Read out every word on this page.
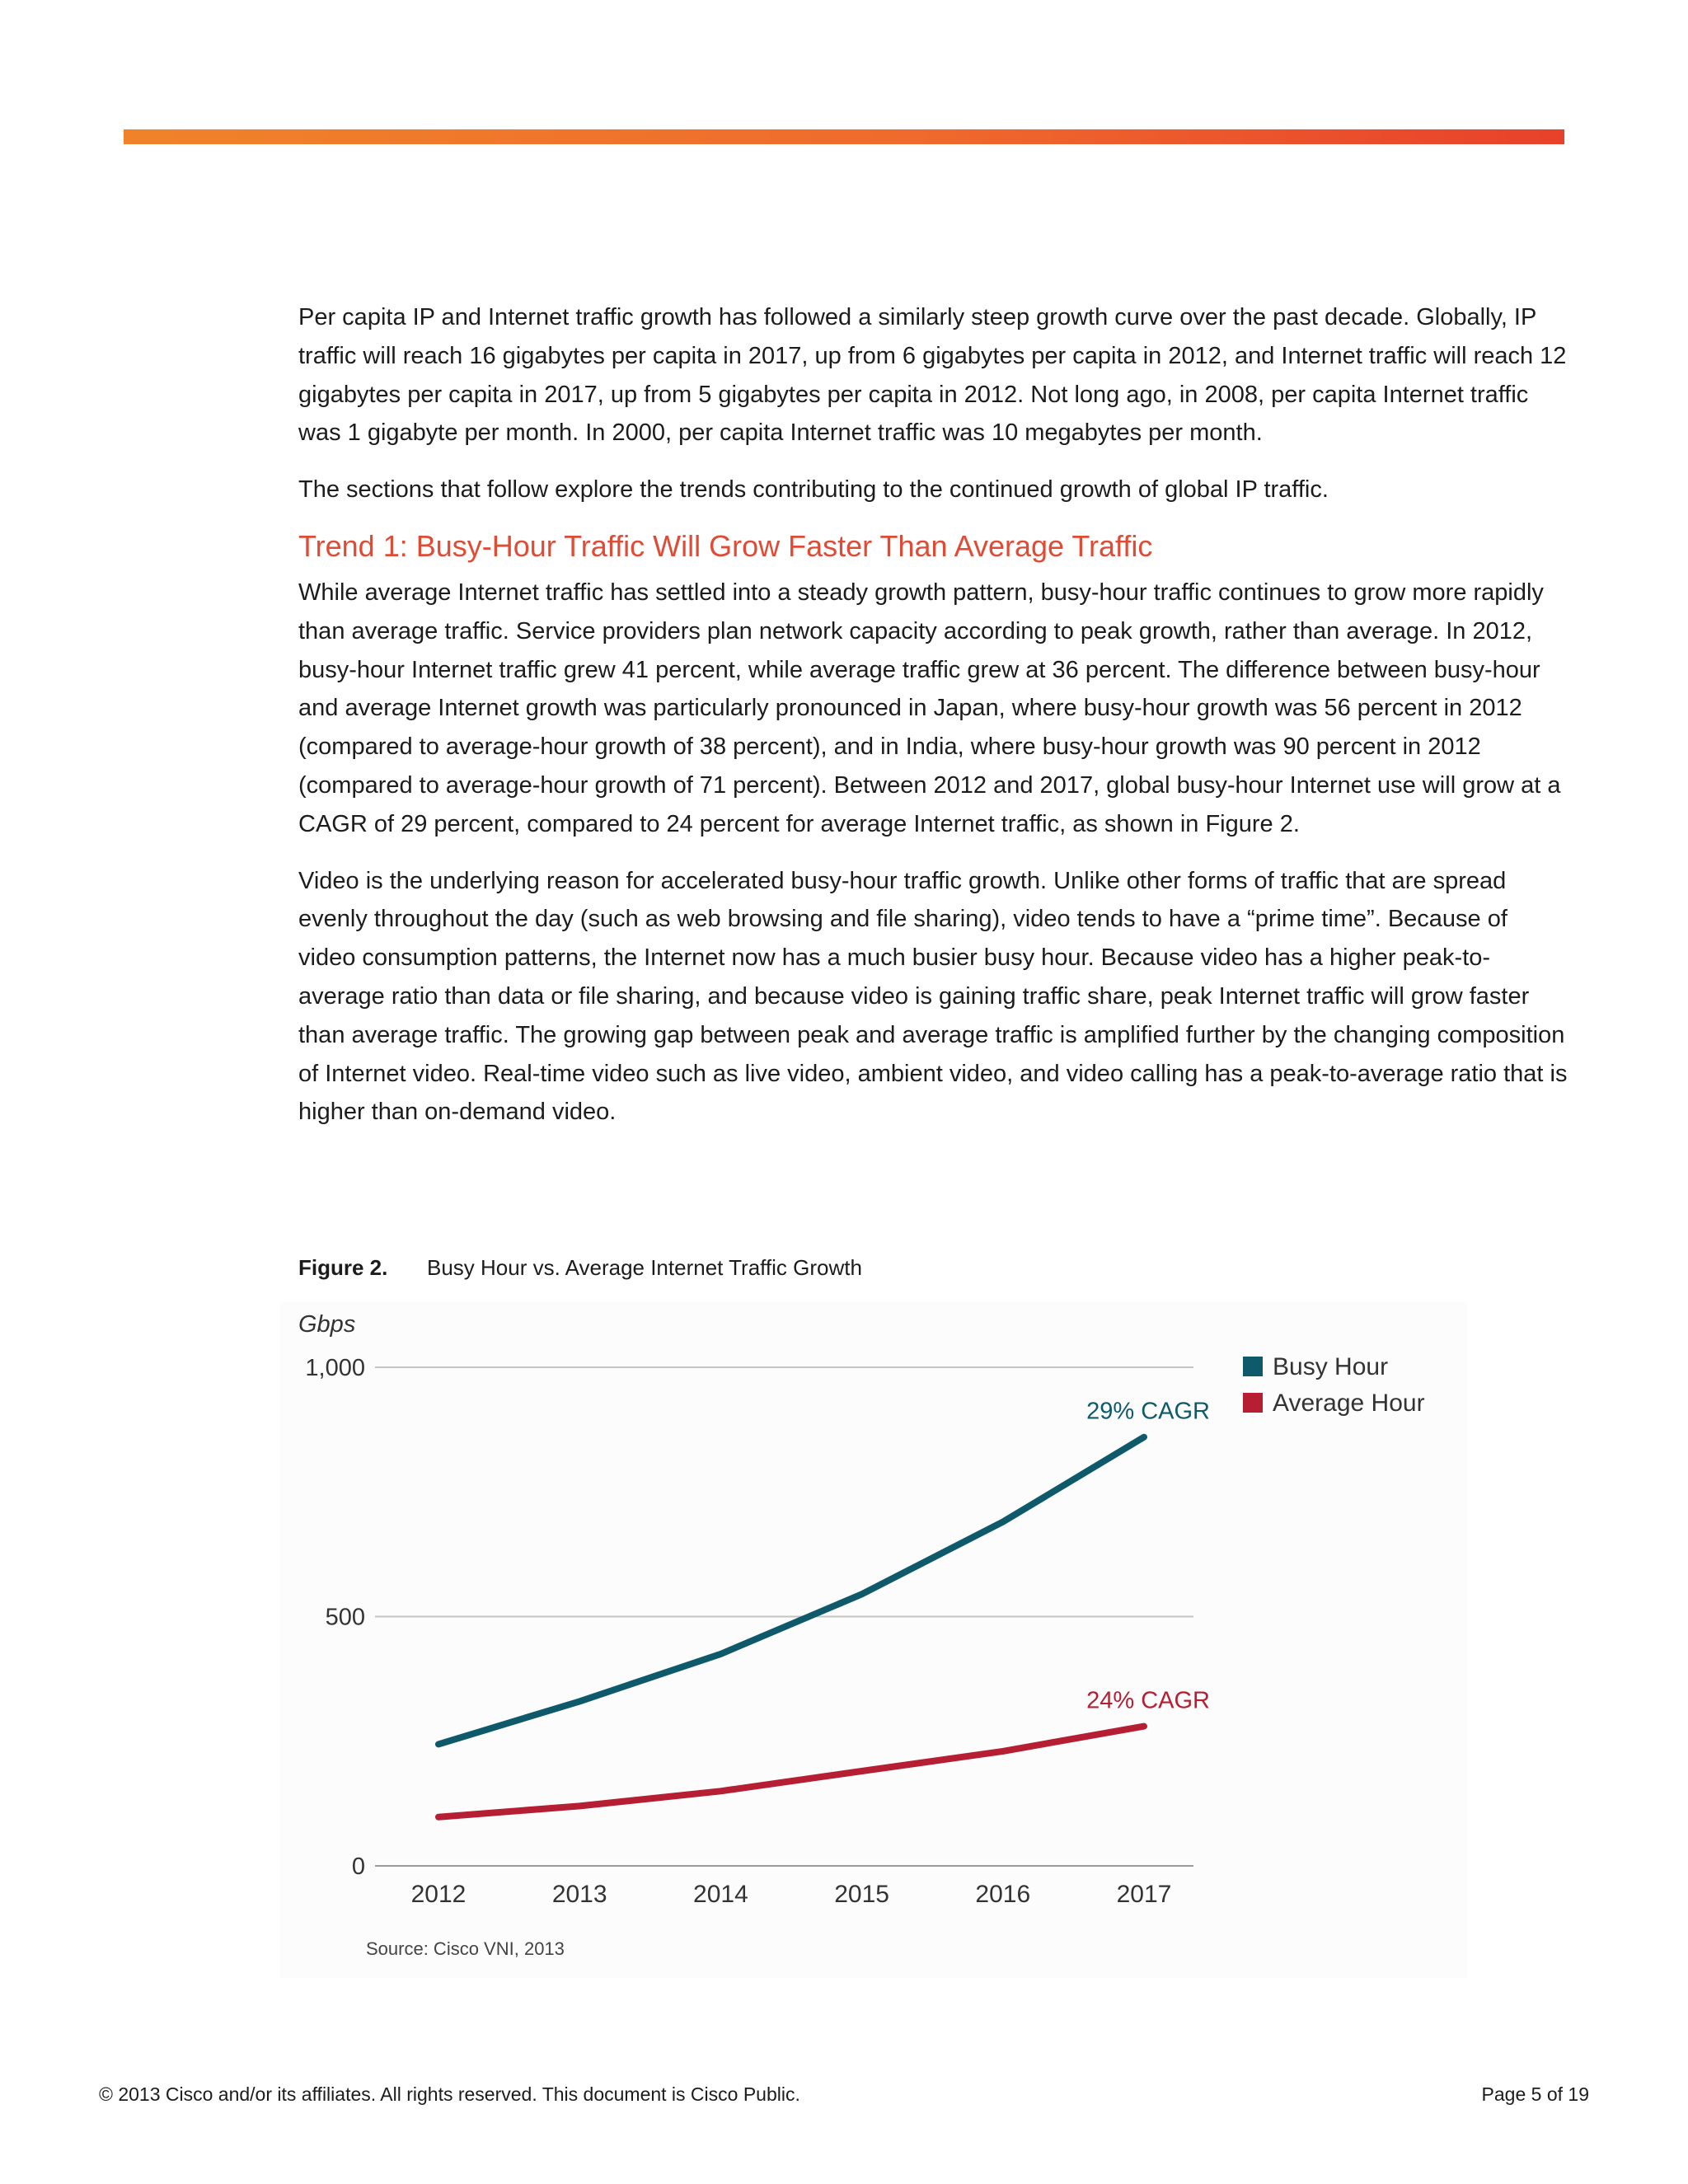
Per capita IP and Internet traffic growth has followed a similarly steep growth curve over the past decade. Globally, IP traffic will reach 16 gigabytes per capita in 2017, up from 6 gigabytes per capita in 2012, and Internet traffic will reach 12 gigabytes per capita in 2017, up from 5 gigabytes per capita in 2012. Not long ago, in 2008, per capita Internet traffic was 1 gigabyte per month. In 2000, per capita Internet traffic was 10 megabytes per month.

The sections that follow explore the trends contributing to the continued growth of global IP traffic.

Trend 1: Busy-Hour Traffic Will Grow Faster Than Average Traffic

While average Internet traffic has settled into a steady growth pattern, busy-hour traffic continues to grow more rapidly than average traffic. Service providers plan network capacity according to peak growth, rather than average. In 2012, busy-hour Internet traffic grew 41 percent, while average traffic grew at 36 percent. The difference between busy-hour and average Internet growth was particularly pronounced in Japan, where busy-hour growth was 56 percent in 2012 (compared to average-hour growth of 38 percent), and in India, where busy-hour growth was 90 percent in 2012 (compared to average-hour growth of 71 percent). Between 2012 and 2017, global busy-hour Internet use will grow at a CAGR of 29 percent, compared to 24 percent for average Internet traffic, as shown in Figure 2.

Video is the underlying reason for accelerated busy-hour traffic growth. Unlike other forms of traffic that are spread evenly throughout the day (such as web browsing and file sharing), video tends to have a “prime time”. Because of video consumption patterns, the Internet now has a much busier busy hour. Because video has a higher peak-to-average ratio than data or file sharing, and because video is gaining traffic share, peak Internet traffic will grow faster than average traffic. The growing gap between peak and average traffic is amplified further by the changing composition of Internet video. Real-time video such as live video, ambient video, and video calling has a peak-to-average ratio that is higher than on-demand video.

Figure 2. Busy Hour vs. Average Internet Traffic Growth
Gbps
0
500
1,000
2012	2013	2014	2015	2016	2017
29% CAGR
24% CAGR
Busy Hour
Average Hour
Source: Cisco VNI, 2013
© 2013 Cisco and/or its affiliates. All rights reserved. This document is Cisco Public.	Page 5 of 19
